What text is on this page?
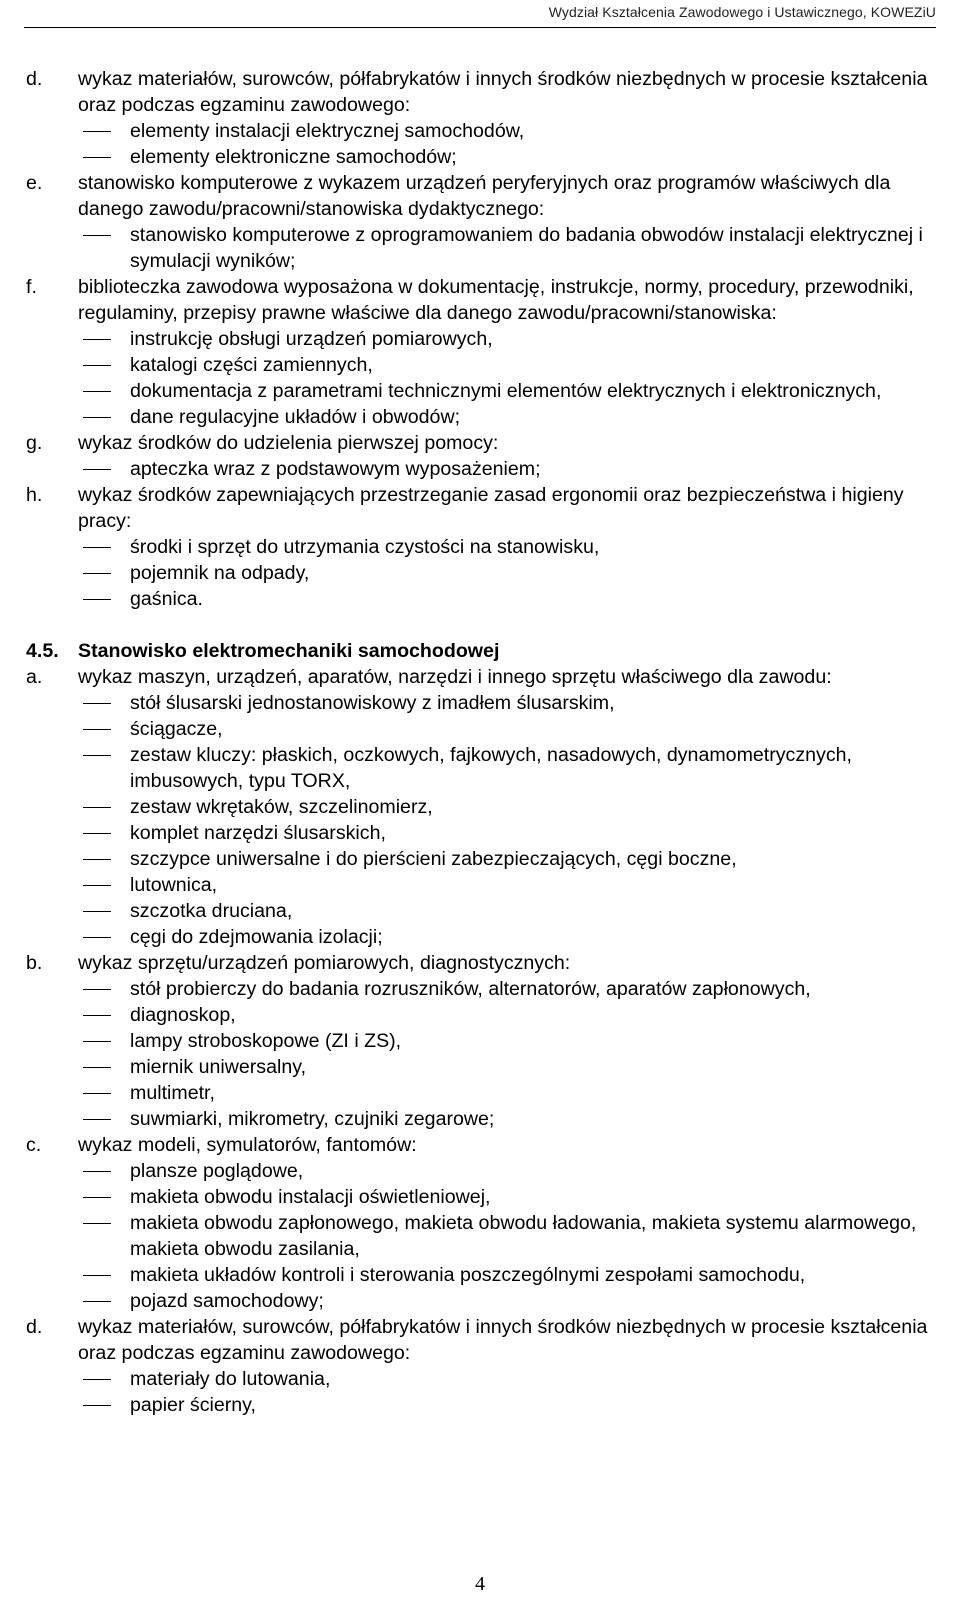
Wydział Kształcenia Zawodowego i Ustawicznego, KOWEZiU
d.	wykaz materiałów, surowców, półfabrykatów i innych środków niezbędnych w procesie kształcenia oraz podczas egzaminu zawodowego:
elementy instalacji elektrycznej samochodów,
elementy elektroniczne samochodów;
e.	stanowisko komputerowe z wykazem urządzeń peryferyjnych oraz programów właściwych dla danego zawodu/pracowni/stanowiska dydaktycznego:
stanowisko komputerowe z oprogramowaniem do badania obwodów instalacji elektrycznej i symulacji wyników;
f.	biblioteczka zawodowa wyposażona w dokumentację, instrukcje, normy, procedury, przewodniki, regulaminy, przepisy prawne właściwe dla danego zawodu/pracowni/stanowiska:
instrukcję obsługi urządzeń pomiarowych,
katalogi części zamiennych,
dokumentacja z parametrami technicznymi elementów elektrycznych i elektronicznych,
dane regulacyjne układów i obwodów;
g.	wykaz środków do udzielenia pierwszej pomocy:
apteczka wraz z podstawowym wyposażeniem;
h.	wykaz środków zapewniających przestrzeganie zasad ergonomii oraz bezpieczeństwa i higieny pracy:
środki i sprzęt do utrzymania czystości na stanowisku,
pojemnik na odpady,
gaśnica.
4.5. Stanowisko elektromechaniki samochodowej
a.	wykaz maszyn, urządzeń, aparatów, narzędzi i innego sprzętu właściwego dla zawodu:
stół ślusarski jednostanowiskowy z imadłem ślusarskim,
ściągacze,
zestaw kluczy: płaskich, oczkowych, fajkowych, nasadowych, dynamometrycznych, imbusowych, typu TORX,
zestaw wkrętaków, szczelinomierz,
komplet narzędzi ślusarskich,
szczypce uniwersalne i do pierścieni zabezpieczających, cęgi boczne,
lutownica,
szczotka druciana,
cęgi do zdejmowania izolacji;
b.	wykaz sprzętu/urządzeń pomiarowych, diagnostycznych:
stół probierczy do badania rozruszników, alternatorów, aparatów zapłonowych,
diagnoskop,
lampy stroboskopowe (ZI i ZS),
miernik uniwersalny,
multimetr,
suwmiarki, mikrometry, czujniki zegarowe;
c.	wykaz modeli, symulatorów, fantomów:
plansze poglądowe,
makieta obwodu instalacji oświetleniowej,
makieta obwodu zapłonowego, makieta obwodu ładowania, makieta systemu alarmowego, makieta obwodu zasilania,
makieta układów kontroli i sterowania poszczególnymi zespołami samochodu,
pojazd samochodowy;
d.	wykaz materiałów, surowców, półfabrykatów i innych środków niezbędnych w procesie kształcenia oraz podczas egzaminu zawodowego:
materiały do lutowania,
papier ścierny,
4
